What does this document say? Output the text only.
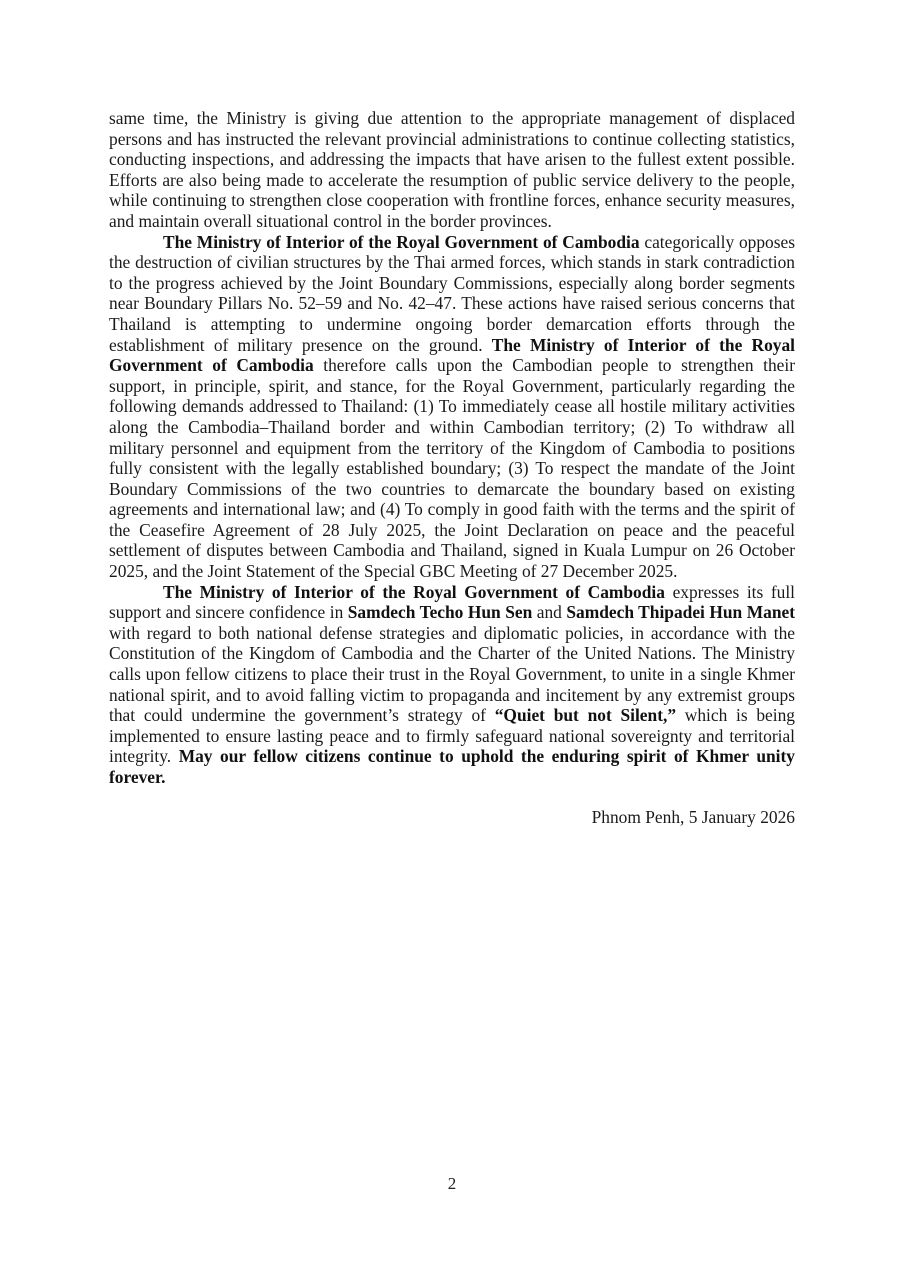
same time, the Ministry is giving due attention to the appropriate management of displaced persons and has instructed the relevant provincial administrations to continue collecting statistics, conducting inspections, and addressing the impacts that have arisen to the fullest extent possible. Efforts are also being made to accelerate the resumption of public service delivery to the people, while continuing to strengthen close cooperation with frontline forces, enhance security measures, and maintain overall situational control in the border provinces.

The Ministry of Interior of the Royal Government of Cambodia categorically opposes the destruction of civilian structures by the Thai armed forces, which stands in stark contradiction to the progress achieved by the Joint Boundary Commissions, especially along border segments near Boundary Pillars No. 52–59 and No. 42–47. These actions have raised serious concerns that Thailand is attempting to undermine ongoing border demarcation efforts through the establishment of military presence on the ground. The Ministry of Interior of the Royal Government of Cambodia therefore calls upon the Cambodian people to strengthen their support, in principle, spirit, and stance, for the Royal Government, particularly regarding the following demands addressed to Thailand: (1) To immediately cease all hostile military activities along the Cambodia–Thailand border and within Cambodian territory; (2) To withdraw all military personnel and equipment from the territory of the Kingdom of Cambodia to positions fully consistent with the legally established boundary; (3) To respect the mandate of the Joint Boundary Commissions of the two countries to demarcate the boundary based on existing agreements and international law; and (4) To comply in good faith with the terms and the spirit of the Ceasefire Agreement of 28 July 2025, the Joint Declaration on peace and the peaceful settlement of disputes between Cambodia and Thailand, signed in Kuala Lumpur on 26 October 2025, and the Joint Statement of the Special GBC Meeting of 27 December 2025.

The Ministry of Interior of the Royal Government of Cambodia expresses its full support and sincere confidence in Samdech Techo Hun Sen and Samdech Thipadei Hun Manet with regard to both national defense strategies and diplomatic policies, in accordance with the Constitution of the Kingdom of Cambodia and the Charter of the United Nations. The Ministry calls upon fellow citizens to place their trust in the Royal Government, to unite in a single Khmer national spirit, and to avoid falling victim to propaganda and incitement by any extremist groups that could undermine the government’s strategy of “Quiet but not Silent,” which is being implemented to ensure lasting peace and to firmly safeguard national sovereignty and territorial integrity. May our fellow citizens continue to uphold the enduring spirit of Khmer unity forever.

Phnom Penh, 5 January 2026

2
